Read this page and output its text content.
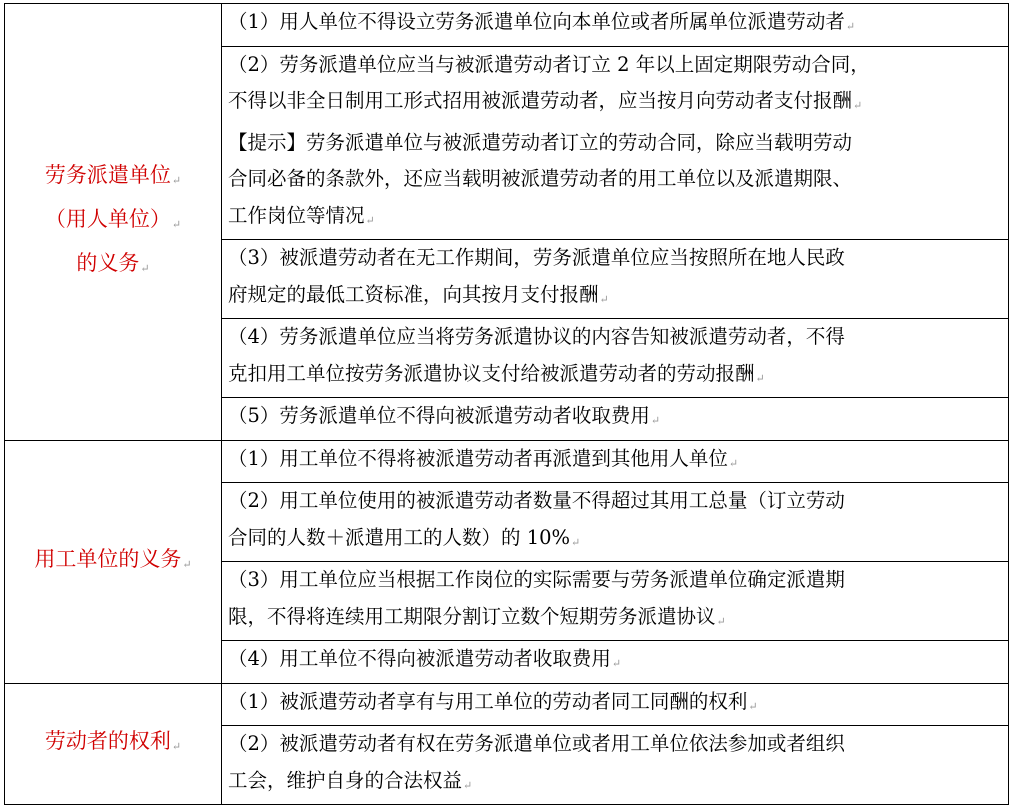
劳务派遣单位↵
（用人单位）↵
的义务↵	（1）用人单位不得设立劳务派遣单位向本单位或者所属单位派遣劳动者↵

	（2）劳务派遣单位应当与被派遣劳动者订立 2 年以上固定期限劳动合同，
不得以非全日制用工形式招用被派遣劳动者，应当按月向劳动者支付报酬↵
【提示】劳务派遣单位与被派遣劳动者订立的劳动合同，除应当载明劳动
合同必备的条款外，还应当载明被派遣劳动者的用工单位以及派遣期限、
工作岗位等情况↵

	（3）被派遣劳动者在无工作期间，劳务派遣单位应当按照所在地人民政
府规定的最低工资标准，向其按月支付报酬↵

	（4）劳务派遣单位应当将劳务派遣协议的内容告知被派遣劳动者，不得
克扣用工单位按劳务派遣协议支付给被派遣劳动者的劳动报酬↵

	（5）劳务派遣单位不得向被派遣劳动者收取费用↵

用工单位的义务↵	（1）用工单位不得将被派遣劳动者再派遣到其他用人单位↵

	（2）用工单位使用的被派遣劳动者数量不得超过其用工总量（订立劳动
合同的人数＋派遣用工的人数）的 10%↵

	（3）用工单位应当根据工作岗位的实际需要与劳务派遣单位确定派遣期
限，不得将连续用工期限分割订立数个短期劳务派遣协议↵

	（4）用工单位不得向被派遣劳动者收取费用↵

劳动者的权利↵	（1）被派遣劳动者享有与用工单位的劳动者同工同酬的权利↵

	（2）被派遣劳动者有权在劳务派遣单位或者用工单位依法参加或者组织
工会，维护自身的合法权益↵
